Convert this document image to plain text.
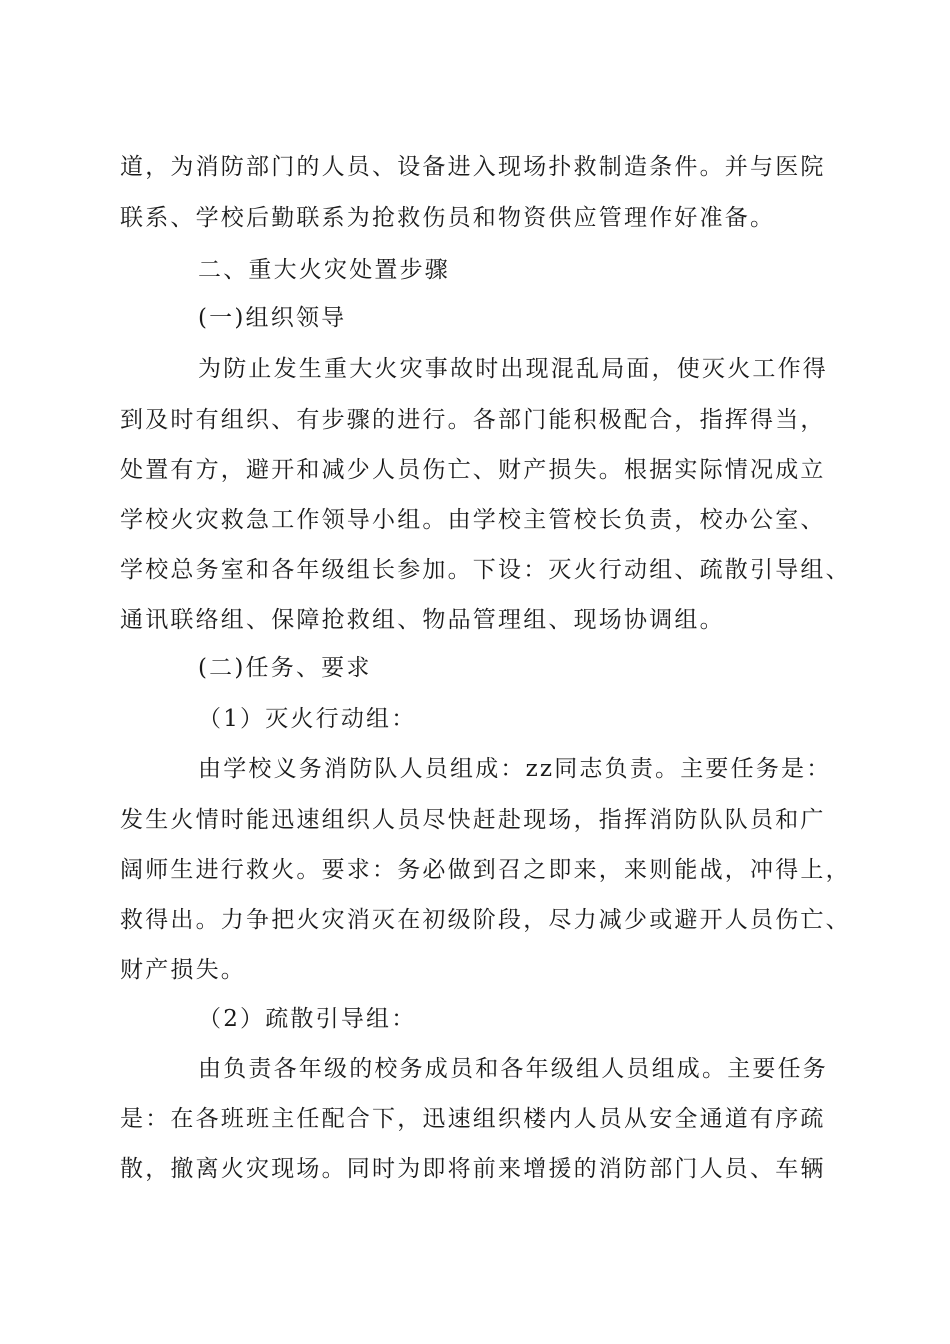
道，为消防部门的人员、设备进入现场扑救制造条件。并与医院
联系、学校后勤联系为抢救伤员和物资供应管理作好准备。
二、重大火灾处置步骤
(一)组织领导
为防止发生重大火灾事故时出现混乱局面，使灭火工作得
到及时有组织、有步骤的进行。各部门能积极配合，指挥得当，
处置有方，避开和减少人员伤亡、财产损失。根据实际情况成立
学校火灾救急工作领导小组。由学校主管校长负责，校办公室、
学校总务室和各年级组长参加。下设：灭火行动组、疏散引导组、
通讯联络组、保障抢救组、物品管理组、现场协调组。
(二)任务、要求
（1）灭火行动组：
由学校义务消防队人员组成：zz同志负责。主要任务是：
发生火情时能迅速组织人员尽快赶赴现场，指挥消防队队员和广
阔师生进行救火。要求：务必做到召之即来，来则能战，冲得上，
救得出。力争把火灾消灭在初级阶段，尽力减少或避开人员伤亡、
财产损失。
（2）疏散引导组：
由负责各年级的校务成员和各年级组人员组成。主要任务
是：在各班班主任配合下，迅速组织楼内人员从安全通道有序疏
散，撤离火灾现场。同时为即将前来增援的消防部门人员、车辆
